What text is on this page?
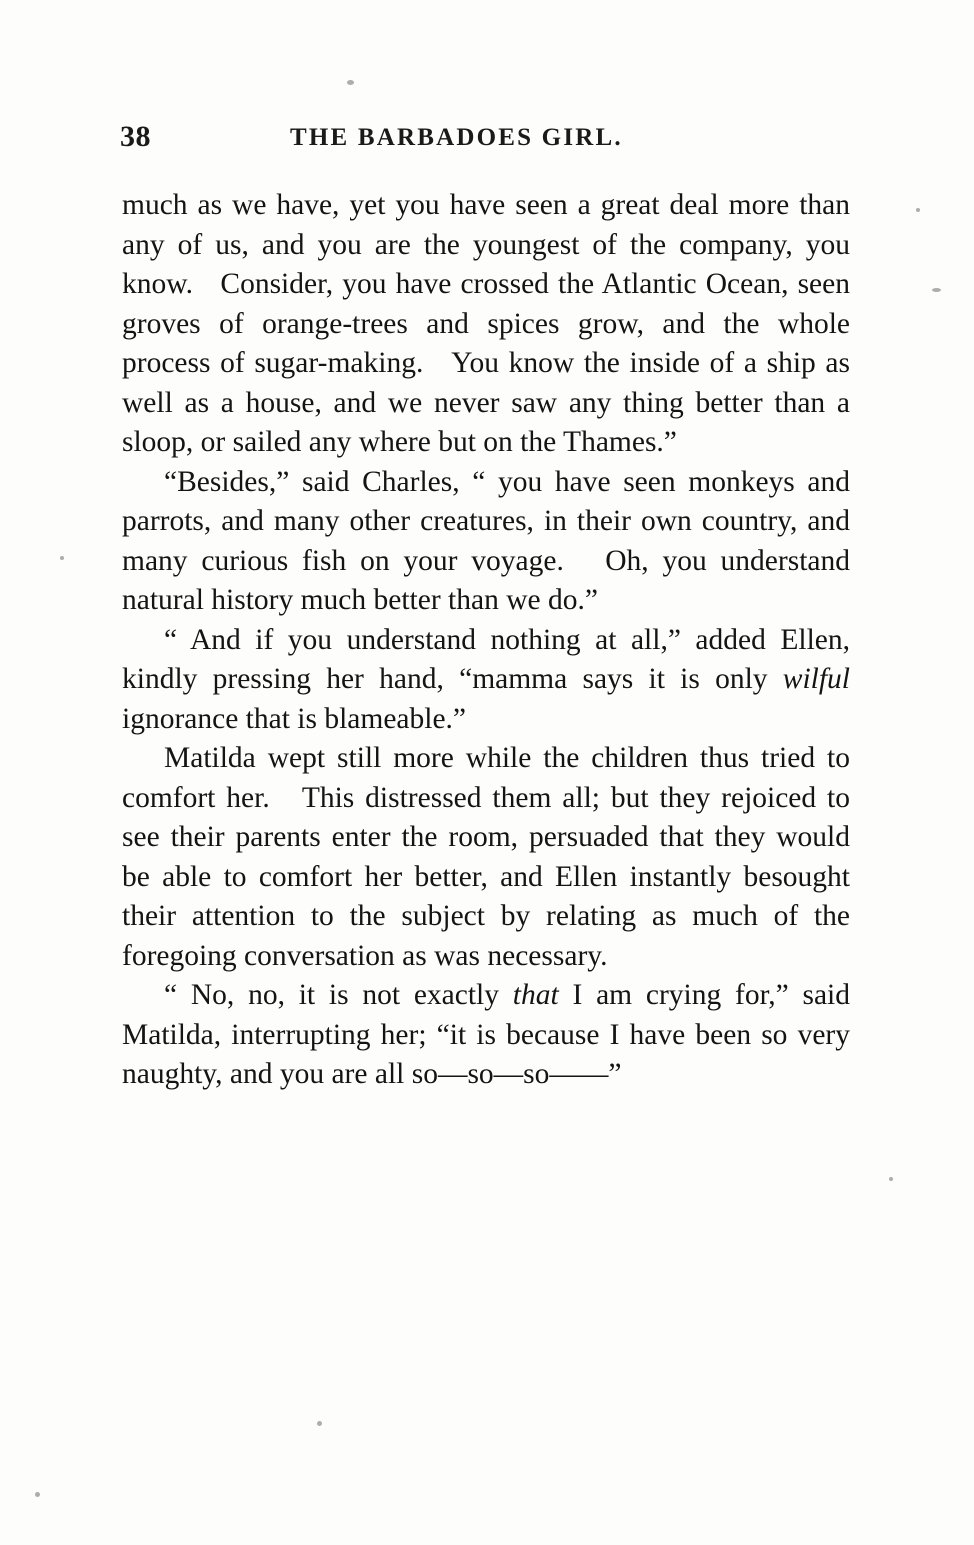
38	THE BARBADOES GIRL.

much as we have, yet you have seen a great deal more than any of us, and you are the youngest of the company, you know.   Consider, you have crossed the Atlantic Ocean, seen groves of orange-trees and spices grow, and the whole process of sugar-making.   You know the inside of a ship as well as a house, and we never saw any thing better than a sloop, or sailed any where but on the Thames.”

“Besides,” said Charles, “ you have seen monkeys and parrots, and many other creatures, in their own country, and many curious fish on your voyage.   Oh, you understand natural history much better than we do.”

“ And if you understand nothing at all,” added Ellen, kindly pressing her hand, “mamma says it is only wilful ignorance that is blameable.”

Matilda wept still more while the children thus tried to comfort her.   This distressed them all; but they rejoiced to see their parents enter the room, persuaded that they would be able to comfort her better, and Ellen instantly besought their attention to the subject by relating as much of the foregoing conversation as was necessary.

“ No, no, it is not exactly that I am crying for,” said Matilda, interrupting her; “it is because I have been so very naughty, and you are all so—so—so——”
